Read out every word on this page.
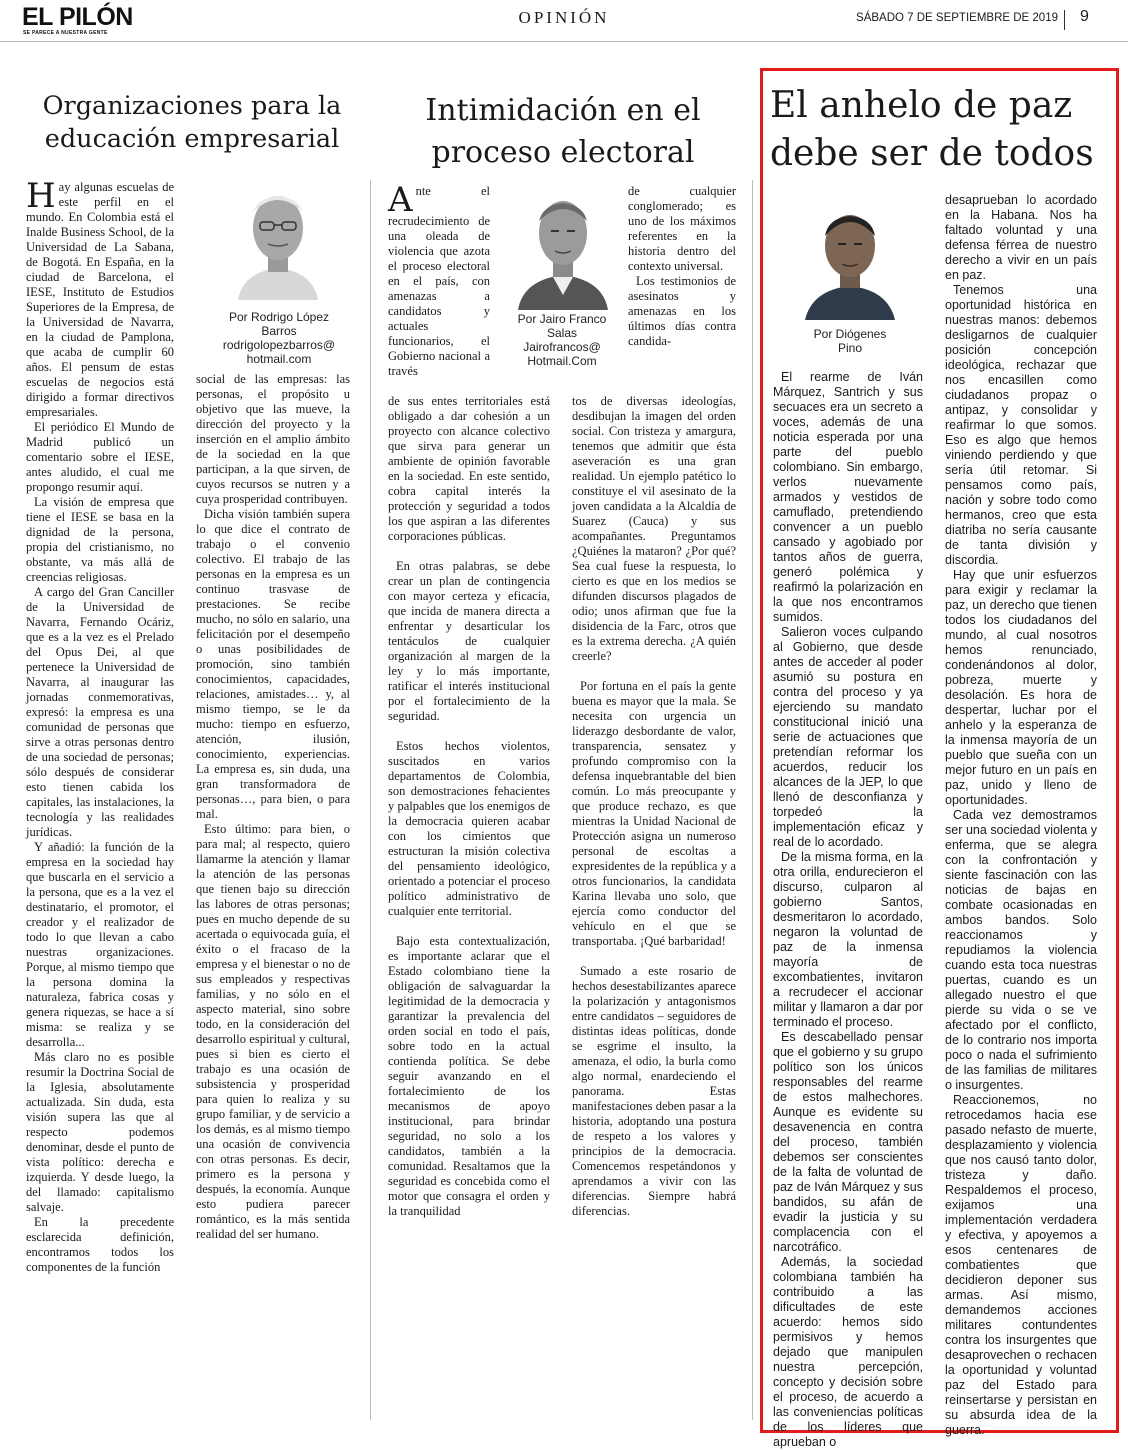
EL PILÓN
SE PARECE A NUESTRA GENTE
OPINIÓN	SÁBADO 7 DE SEPTIEMBRE DE 2019 9
Organizaciones para la educación empresarial
Por Rodrigo López
Barros
rodrigolopezbarros@
hotmail.com

Hay algunas escuelas de este perfil en el mundo. En Colombia está el Inalde Business School, de la Universidad de La Sabana, de Bogotá. En España, en la ciudad de Barcelona, el IESE, Instituto de Estudios Superiores de la Empresa, de la Universidad de Navarra, en la ciudad de Pamplona, que acaba de cumplir 60 años. El pensum de estas escuelas de negocios está dirigido a formar directivos empresariales.

El periódico El Mundo de Madrid publicó un comentario sobre el IESE, antes aludido, el cual me propongo resumir aquí.

La visión de empresa que tiene el IESE se basa en la dignidad de la persona, propia del cristianismo, no obstante, va más allá de creencias religiosas.

A cargo del Gran Canciller de la Universidad de Navarra, Fernando Ocáriz, que es a la vez es el Prelado del Opus Dei, al que pertenece la Universidad de Navarra, al inaugurar las jornadas conmemorativas, expresó: la empresa es una comunidad de personas que sirve a otras personas dentro de una sociedad de personas; sólo después de considerar esto tienen cabida los capitales, las instalaciones, la tecnología y las realidades jurídicas.

Y añadió: la función de la empresa en la sociedad hay que buscarla en el servicio a la persona, que es a la vez el destinatario, el promotor, el creador y el realizador de todo lo que llevan a cabo nuestras organizaciones. Porque, al mismo tiempo que la persona domina la naturaleza, fabrica cosas y genera riquezas, se hace a sí misma: se realiza y se desarrolla...

Más claro no es posible resumir la Doctrina Social de la Iglesia, absolutamente actualizada. Sin duda, esta visión supera las que al respecto podemos denominar, desde el punto de vista político: derecha e izquierda. Y desde luego, la del llamado: capitalismo salvaje.

En la precedente esclarecida definición, encontramos todos los componentes de la función

social de las empresas: las personas, el propósito u objetivo que las mueve, la dirección del proyecto y la inserción en el amplio ámbito de la sociedad en la que participan, a la que sirven, de cuyos recursos se nutren y a cuya prosperidad contribuyen.

Dicha visión también supera lo que dice el contrato de trabajo o el convenio colectivo. El trabajo de las personas en la empresa es un continuo trasvase de prestaciones. Se recibe mucho, no sólo en salario, una felicitación por el desempeño o unas posibilidades de promoción, sino también conocimientos, capacidades, relaciones, amistades… y, al mismo tiempo, se le da mucho: tiempo en esfuerzo, atención, ilusión, conocimiento, experiencias. La empresa es, sin duda, una gran transformadora de personas…, para bien, o para mal.

Esto último: para bien, o para mal; al respecto, quiero llamarme la atención y llamar la atención de las personas que tienen bajo su dirección las labores de otras personas; pues en mucho depende de su acertada o equivocada guía, el éxito o el fracaso de la empresa y el bienestar o no de sus empleados y respectivas familias, y no sólo en el aspecto material, sino sobre todo, en la consideración del desarrollo espiritual y cultural, pues si bien es cierto el trabajo es una ocasión de subsistencia y prosperidad para quien lo realiza y su grupo familiar, y de servicio a los demás, es al mismo tiempo una ocasión de convivencia con otras personas. Es decir, primero es la persona y después, la economía. Aunque esto pudiera parecer romántico, es la más sentida realidad del ser humano.

Intimidación en el proceso electoral
Por Jairo Franco
Salas
Jairofrancos@
Hotmail.Com

Ante el recrudecimiento de una oleada de violencia que azota el proceso electoral en el país, con amenazas a candidatos y actuales funcionarios, el Gobierno nacional a través

de cualquier conglomerado; es uno de los máximos referentes en la historia dentro del contexto universal.

Los testimonios de asesinatos y amenazas en los últimos días contra candida-

de sus entes territoriales está obligado a dar cohesión a un proyecto con alcance colectivo que sirva para generar un ambiente de opinión favorable en la sociedad. En este sentido, cobra capital interés la protección y seguridad a todos los que aspiran a las diferentes corporaciones públicas.

En otras palabras, se debe crear un plan de contingencia con mayor certeza y eficacia, que incida de manera directa a enfrentar y desarticular los tentáculos de cualquier organización al margen de la ley y lo más importante, ratificar el interés institucional por el fortalecimiento de la seguridad.

Estos hechos violentos, suscitados en varios departamentos de Colombia, son demostraciones fehacientes y palpables que los enemigos de la democracia quieren acabar con los cimientos que estructuran la misión colectiva del pensamiento ideológico, orientado a potenciar el proceso político administrativo de cualquier ente territorial.

Bajo esta contextualización, es importante aclarar que el Estado colombiano tiene la obligación de salvaguardar la legitimidad de la democracia y garantizar la prevalencia del orden social en todo el país, sobre todo en la actual contienda política. Se debe seguir avanzando en el fortalecimiento de los mecanismos de apoyo institucional, para brindar seguridad, no solo a los candidatos, también a la comunidad. Resaltamos que la seguridad es concebida como el motor que consagra el orden y la tranquilidad

tos de diversas ideologías, desdibujan la imagen del orden social. Con tristeza y amargura, tenemos que admitir que ésta aseveración es una gran realidad. Un ejemplo patético lo constituye el vil asesinato de la joven candidata a la Alcaldía de Suarez (Cauca) y sus acompañantes. Preguntamos ¿Quiénes la mataron? ¿Por qué? Sea cual fuese la respuesta, lo cierto es que en los medios se difunden discursos plagados de odio; unos afirman que fue la disidencia de la Farc, otros que es la extrema derecha. ¿A quién creerle?

Por fortuna en el país la gente buena es mayor que la mala. Se necesita con urgencia un liderazgo desbordante de valor, transparencia, sensatez y profundo compromiso con la defensa inquebrantable del bien común. Lo más preocupante y que produce rechazo, es que mientras la Unidad Nacional de Protección asigna un numeroso personal de escoltas a expresidentes de la república y a otros funcionarios, la candidata Karina llevaba uno solo, que ejercía como conductor del vehículo en el que se transportaba. ¡Qué barbaridad!

Sumado a este rosario de hechos desestabilizantes aparece la polarización y antagonismos entre candidatos – seguidores de distintas ideas políticas, donde se esgrime el insulto, la amenaza, el odio, la burla como algo normal, enardeciendo el panorama. Estas manifestaciones deben pasar a la historia, adoptando una postura de respeto a los valores y principios de la democracia. Comencemos respetándonos y aprendamos a vivir con las diferencias. Siempre habrá diferencias.

El anhelo de paz debe ser de todos
Por Diógenes
Pino

El rearme de Iván Márquez, Santrich y sus secuaces era un secreto a voces, además de una noticia esperada por una parte del pueblo colombiano. Sin embargo, verlos nuevamente armados y vestidos de camuflado, pretendiendo convencer a un pueblo cansado y agobiado por tantos años de guerra, generó polémica y reafirmó la polarización en la que nos encontramos sumidos.

Salieron voces culpando al Gobierno, que desde antes de acceder al poder asumió su postura en contra del proceso y ya ejerciendo su mandato constitucional inició una serie de actuaciones que pretendían reformar los acuerdos, reducir los alcances de la JEP, lo que llenó de desconfianza y torpedeó la implementación eficaz y real de lo acordado.

De la misma forma, en la otra orilla, endurecieron el discurso, culparon al gobierno Santos, desmeritaron lo acordado, negaron la voluntad de paz de la inmensa mayoría de excombatientes, invitaron a recrudecer el accionar militar y llamaron a dar por terminado el proceso.

Es descabellado pensar que el gobierno y su grupo político son los únicos responsables del rearme de estos malhechores. Aunque es evidente su desavenencia en contra del proceso, también debemos ser conscientes de la falta de voluntad de paz de Iván Márquez y sus bandidos, su afán de evadir la justicia y su complacencia con el narcotráfico.

Además, la sociedad colombiana también ha contribuido a las dificultades de este acuerdo: hemos sido permisivos y hemos dejado que manipulen nuestra percepción, concepto y decisión sobre el proceso, de acuerdo a las conveniencias políticas de los líderes que aprueban o

desaprueban lo acordado en la Habana. Nos ha faltado voluntad y una defensa férrea de nuestro derecho a vivir en un país en paz.

Tenemos una oportunidad histórica en nuestras manos: debemos desligarnos de cualquier posición concepción ideológica, rechazar que nos encasillen como ciudadanos propaz o antipaz, y consolidar y reafirmar lo que somos. Eso es algo que hemos viniendo perdiendo y que sería útil retomar. Si pensamos como país, nación y sobre todo como hermanos, creo que esta diatriba no sería causante de tanta división y discordia.

Hay que unir esfuerzos para exigir y reclamar la paz, un derecho que tienen todos los ciudadanos del mundo, al cual nosotros hemos renunciado, condenándonos al dolor, pobreza, muerte y desolación. Es hora de despertar, luchar por el anhelo y la esperanza de la inmensa mayoría de un pueblo que sueña con un mejor futuro en un país en paz, unido y lleno de oportunidades.

Cada vez demostramos ser una sociedad violenta y enferma, que se alegra con la confrontación y siente fascinación con las noticias de bajas en combate ocasionadas en ambos bandos. Solo reaccionamos y repudiamos la violencia cuando esta toca nuestras puertas, cuando es un allegado nuestro el que pierde su vida o se ve afectado por el conflicto, de lo contrario nos importa poco o nada el sufrimiento de las familias de militares o insurgentes.

Reaccionemos, no retrocedamos hacia ese pasado nefasto de muerte, desplazamiento y violencia que nos causó tanto dolor, tristeza y daño. Respaldemos el proceso, exijamos una implementación verdadera y efectiva, y apoyemos a esos centenares de combatientes que decidieron deponer sus armas. Así mismo, demandemos acciones militares contundentes contra los insurgentes que desaprovechen o rechacen la oportunidad y voluntad paz del Estado para reinsertarse y persistan en su absurda idea de la guerra.
